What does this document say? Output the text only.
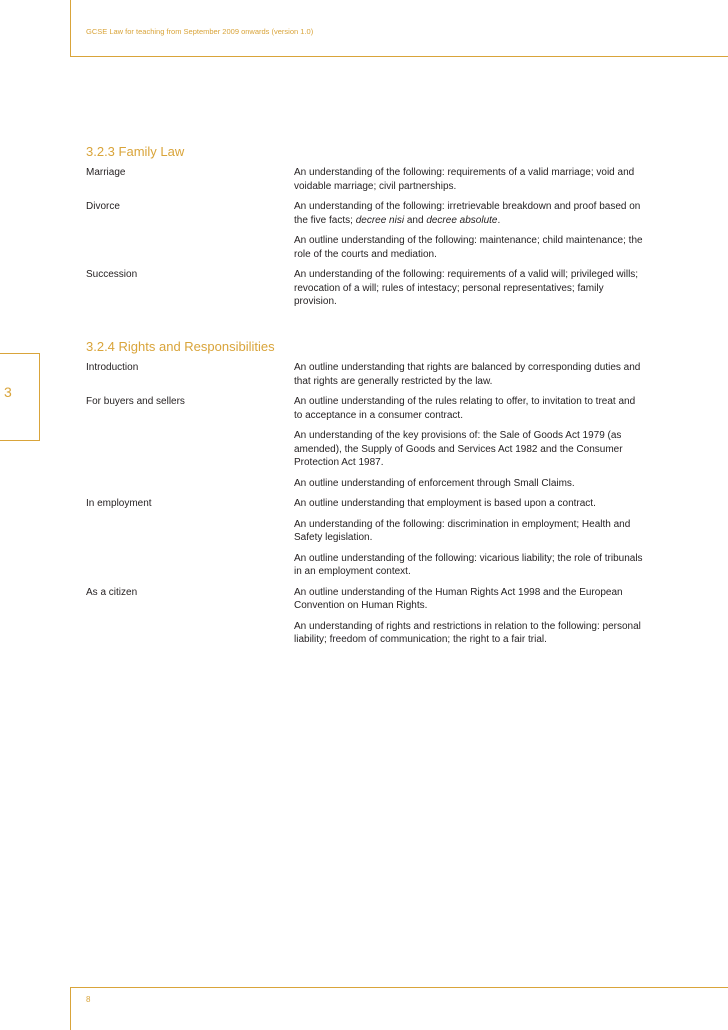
GCSE Law for teaching from September 2009 onwards (version 1.0)
3
3.2.3 Family Law
Marriage	An understanding of the following: requirements of a valid marriage; void and voidable marriage; civil partnerships.

Divorce	An understanding of the following: irretrievable breakdown and proof based on the five facts; decree nisi and decree absolute.

An outline understanding of the following: maintenance; child maintenance; the role of the courts and mediation.

Succession	An understanding of the following: requirements of a valid will; privileged wills; revocation of a will; rules of intestacy; personal representatives; family provision.

3.2.4 Rights and Responsibilities
Introduction	An outline understanding that rights are balanced by corresponding duties and that rights are generally restricted by the law.

For buyers and sellers	An outline understanding of the rules relating to offer, to invitation to treat and to acceptance in a consumer contract.

An understanding of the key provisions of: the Sale of Goods Act 1979 (as amended), the Supply of Goods and Services Act 1982 and the Consumer Protection Act 1987.

An outline understanding of enforcement through Small Claims.

In employment	An outline understanding that employment is based upon a contract.

An understanding of the following: discrimination in employment; Health and Safety legislation.

An outline understanding of the following: vicarious liability; the role of tribunals in an employment context.

As a citizen	An outline understanding of the Human Rights Act 1998 and the European Convention on Human Rights.

An understanding of rights and restrictions in relation to the following: personal liability; freedom of communication; the right to a fair trial.

8
